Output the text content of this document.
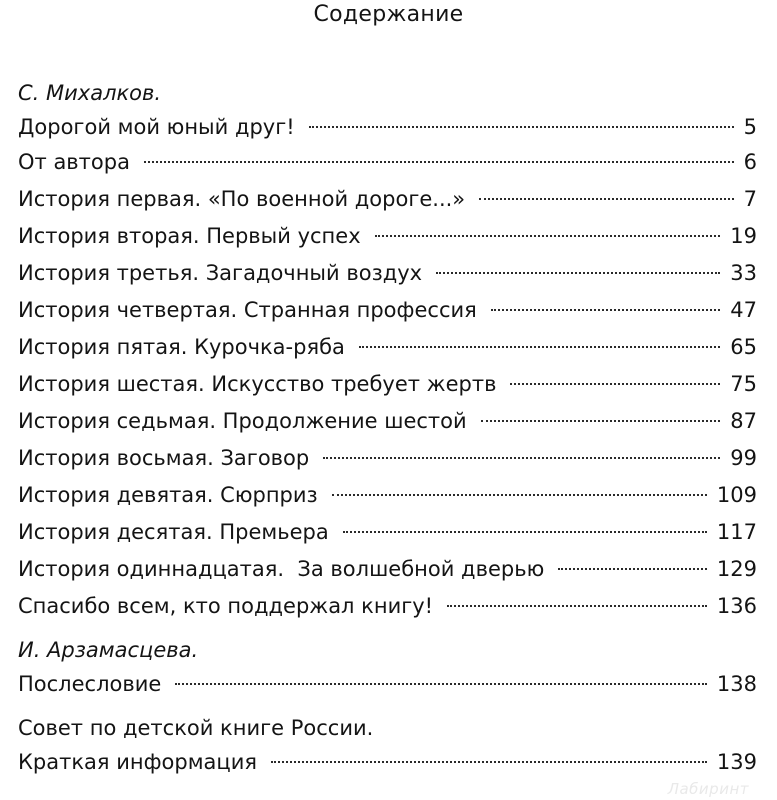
Содержание
С. Михалков.
Дорогой мой юный друг!	5
От автора	6
История первая. «По военной дороге...»	7
История вторая. Первый успех	19
История третья. Загадочный воздух	33
История четвертая. Странная профессия	47
История пятая. Курочка-ряба	65
История шестая. Искусство требует жертв	75
История седьмая. Продолжение шестой	87
История восьмая. Заговор	99
История девятая. Сюрприз	109
История десятая. Премьера	117
История одиннадцатая.  За волшебной дверью	129
Спасибо всем, кто поддержал книгу!	136
И. Арзамасцева.
Послесловие	138
Совет по детской книге России.
Краткая информация	139
Лабиринт
